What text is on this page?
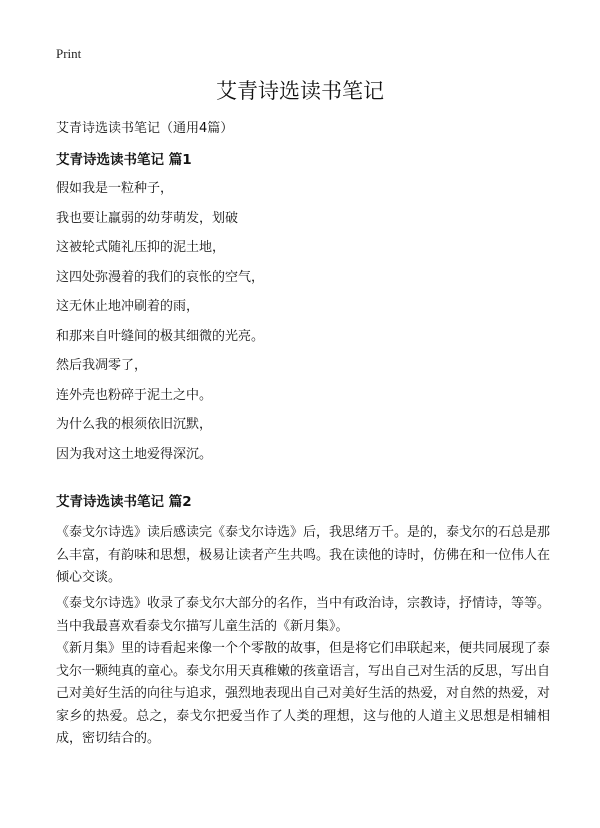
Print
艾青诗选读书笔记
艾青诗选读书笔记（通用4篇）
艾青诗选读书笔记 篇1
假如我是一粒种子，
我也要让羸弱的幼芽萌发，划破
这被轮式随礼压抑的泥土地，
这四处弥漫着的我们的哀怅的空气，
这无休止地冲刷着的雨，
和那来自叶缝间的极其细微的光亮。
然后我凋零了，
连外壳也粉碎于泥土之中。
为什么我的根须依旧沉默，
因为我对这土地爱得深沉。
艾青诗选读书笔记 篇2

《泰戈尔诗选》读后感读完《泰戈尔诗选》后，我思绪万千。是的，泰戈尔的石总是那么丰富，有韵味和思想，极易让读者产生共鸣。我在读他的诗时，仿佛在和一位伟人在倾心交谈。

《泰戈尔诗选》收录了泰戈尔大部分的名作，当中有政治诗，宗教诗，抒情诗，等等。当中我最喜欢看泰戈尔描写儿童生活的《新月集》。

《新月集》里的诗看起来像一个个零散的故事，但是将它们串联起来，便共同展现了泰戈尔一颗纯真的童心。泰戈尔用天真稚嫩的孩童语言，写出自己对生活的反思，写出自己对美好生活的向往与追求，强烈地表现出自己对美好生活的热爱，对自然的热爱，对家乡的热爱。总之，泰戈尔把爱当作了人类的理想，这与他的人道主义思想是相辅相成，密切结合的。
